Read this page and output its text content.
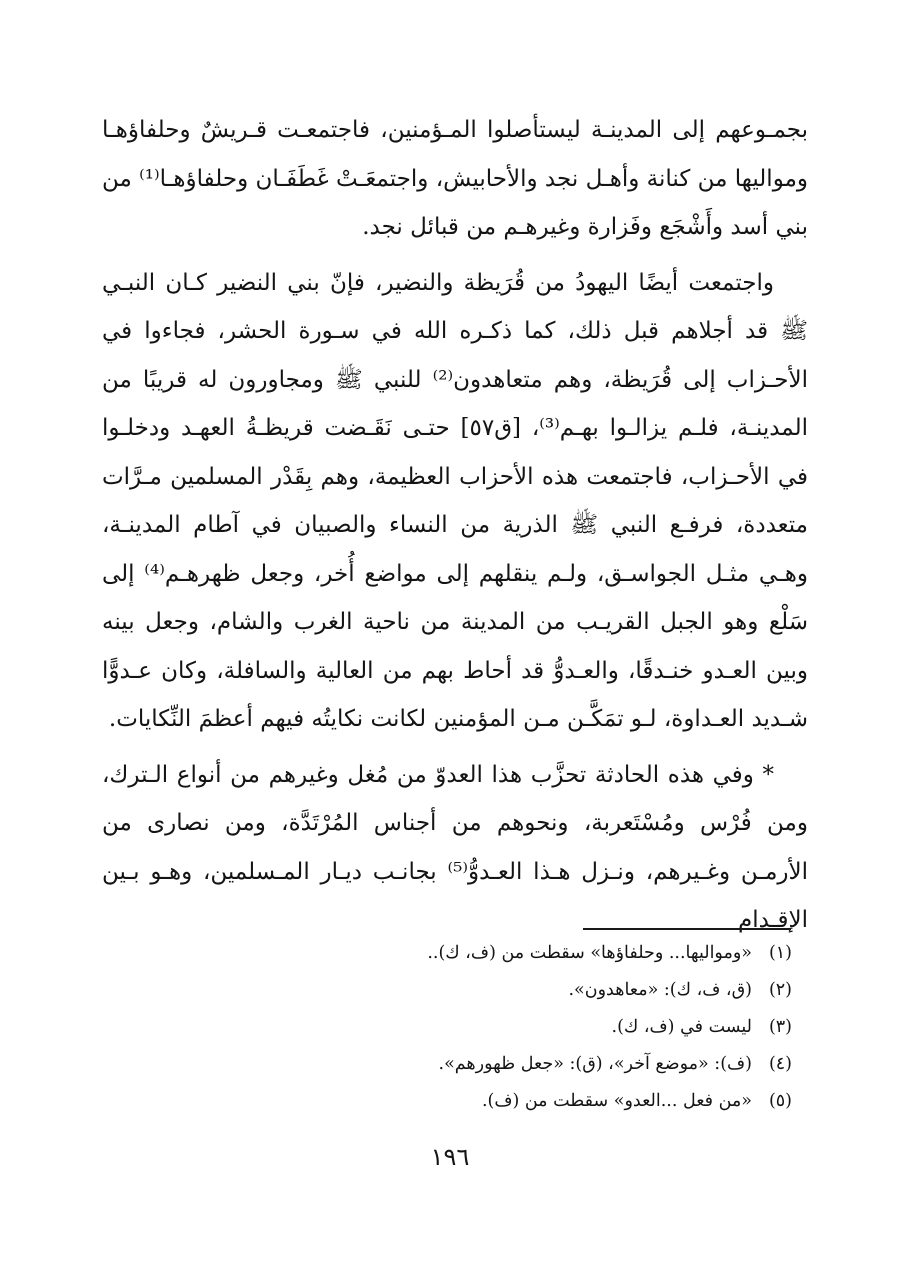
بجمـوعهم إلى المدينـة ليستأصلوا المـؤمنين، فاجتمعـت قـريشٌ وحلفاؤهـا ومواليها من كنانة وأهـل نجد والأحابيش، واجتمعَـتْ غَطَفَـان وحلفاؤهـا⁽¹⁾ من بني أسد وأَشْجَع وفَزارة وغيرهـم من قبائل نجد.

واجتمعت أيضًا اليهودُ من قُرَيظة والنضير، فإنّ بني النضير كـان النبـي ﷺ قد أجلاهم قبل ذلك، كما ذكـره الله في سـورة الحشر، فجاءوا في الأحـزاب إلى قُرَيظة، وهم متعاهدون⁽²⁾ للنبي ﷺ ومجاورون له قريبًا من المدينـة، فلـم يزالـوا بهـم⁽³⁾، [ق٥٧] حتـى نَقَـضت قريظـةُ العهـد ودخلـوا في الأحـزاب، فاجتمعت هذه الأحزاب العظيمة، وهم بِقَدْر المسلمين مـرَّات متعددة، فرفـع النبي ﷺ الذرية من النساء والصبيان في آطام المدينـة، وهـي مثـل الجواسـق، ولـم ينقلهم إلى مواضع أُخر، وجعل ظهرهـم⁽⁴⁾ إلى سَلْع وهو الجبل القريـب من المدينة من ناحية الغرب والشام، وجعل بينه وبين العـدو خنـدقًا، والعـدوُّ قد أحاط بهم من العالية والسافلة، وكان عـدوًّا شـديد العـداوة، لـو تمَكَّـن مـن المؤمنين لكانت نكايتُه فيهم أعظمَ النِّكايات.

* وفي هذه الحادثة تحزَّب هذا العدوّ من مُغل وغيرهم من أنواع الـترك، ومن فُرْس ومُسْتَعربة، ونحوهم من أجناس المُرْتَدَّة، ومن نصارى من الأرمـن وغـيرهم، ونـزل هـذا العـدوُّ⁽⁵⁾ بجانـب ديـار المـسلمين، وهـو بـين الإقـدام

(١)«ومواليها... وحلفاؤها» سقطت من (ف، ك)..

(٢)(ق، ف، ك): «معاهدون».

(٣)ليست في (ف، ك).

(٤)(ف): «موضع آخر»، (ق): «جعل ظهورهم».

(٥)«من فعل ...العدو» سقطت من (ف).

١٩٦
